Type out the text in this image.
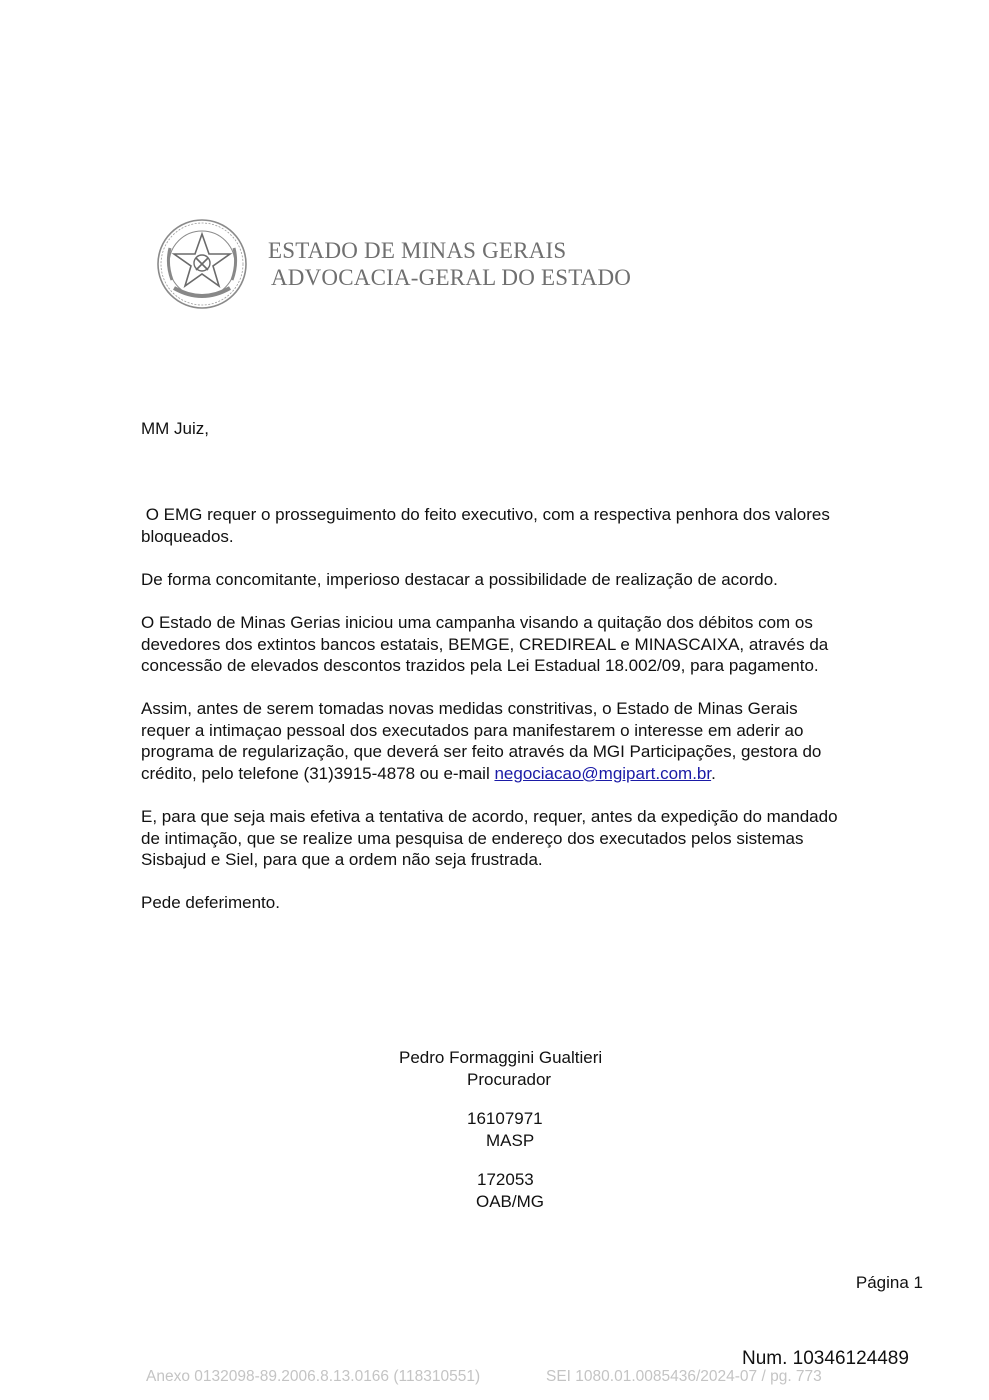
ESTADO DE MINAS GERAIS
ADVOCACIA-GERAL DO ESTADO
MM Juiz,
O EMG requer o prosseguimento do feito executivo, com a respectiva penhora dos valores
bloqueados.
De forma concomitante, imperioso destacar a possibilidade de realização de acordo.
O Estado de Minas Gerias iniciou uma campanha visando a quitação dos débitos com os
devedores dos extintos bancos estatais, BEMGE, CREDIREAL e MINASCAIXA, através da
concessão de elevados descontos trazidos pela Lei Estadual 18.002/09, para pagamento.
Assim, antes de serem tomadas novas medidas constritivas, o Estado de Minas Gerais
requer a intimaçao pessoal dos executados para manifestarem o interesse em aderir ao
programa de regularização, que deverá ser feito através da MGI Participações, gestora do
crédito, pelo telefone (31)3915-4878 ou e-mail negociacao@mgipart.com.br.
E, para que seja mais efetiva a tentativa de acordo, requer, antes da expedição do mandado
de intimação, que se realize uma pesquisa de endereço dos executados pelos sistemas
Sisbajud e Siel, para que a ordem não seja frustrada.
Pede deferimento.
Pedro Formaggini Gualtieri
Procurador
16107971
MASP
172053
OAB/MG
Página 1
Num. 10346124489
Anexo 0132098-89.2006.8.13.0166 (118310551)	SEI 1080.01.0085436/2024-07 / pg. 773
